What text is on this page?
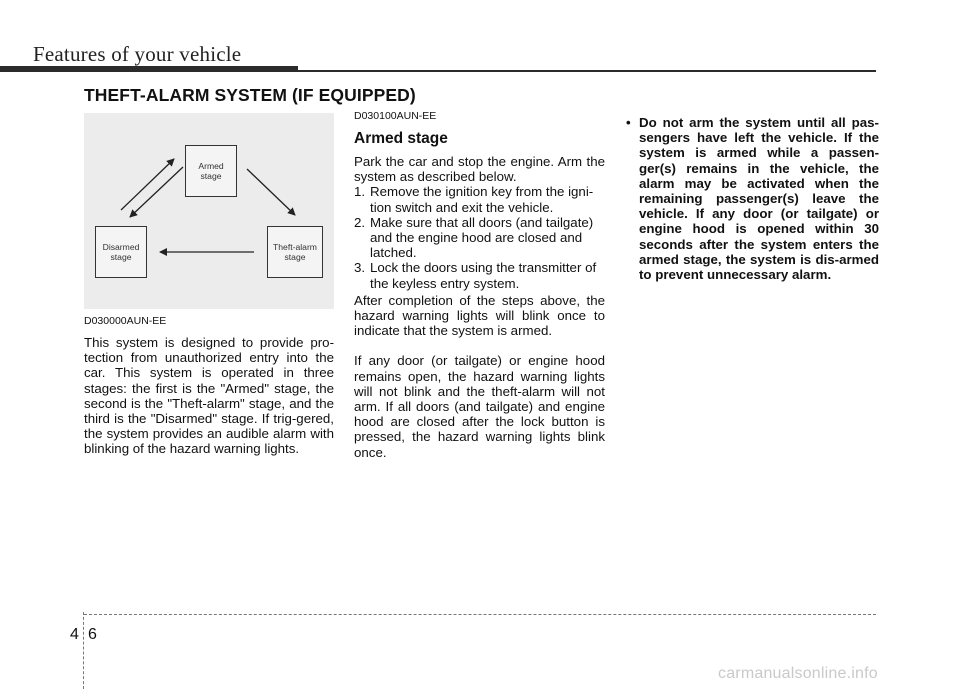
Features of your vehicle
THEFT-ALARM SYSTEM (IF EQUIPPED)
Armed
stage
Disarmed
stage
Theft-alarm
stage

D030000AUN-EE

This system is designed to provide pro-tection from unauthorized entry into the car. This system is operated in three stages: the first is the "Armed" stage, the second is the "Theft-alarm" stage, and the third is the "Disarmed" stage. If trig-gered, the system provides an audible alarm with blinking of the hazard warning lights.

D030100AUN-EE

Armed stage

Park the car and stop the engine. Arm the system as described below.

1. Remove the ignition key from the igni-tion switch and exit the vehicle.
2. Make sure that all doors (and tailgate) and the engine hood are closed and latched.
3. Lock the doors using the transmitter of the keyless entry system.

After completion of the steps above, the hazard warning lights will blink once to indicate that the system is armed.

If any door (or tailgate) or engine hood remains open, the hazard warning lights will not blink and the theft-alarm will not arm. If all doors (and tailgate) and engine hood are closed after the lock button is pressed, the hazard warning lights blink once.

• Do not arm the system until all pas-sengers have left the vehicle. If the system is armed while a passen-ger(s) remains in the vehicle, the alarm may be activated when the remaining passenger(s) leave the vehicle. If any door (or tailgate) or engine hood is opened within 30 seconds after the system enters the armed stage, the system is dis-armed to prevent unnecessary alarm.

4 6
carmanualsonline.info
